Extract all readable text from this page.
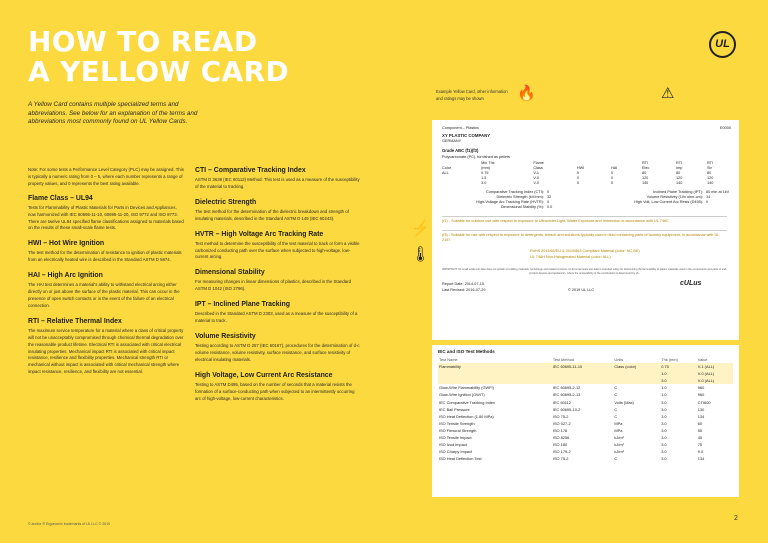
HOW TO READ
A YELLOW CARD
A Yellow Card contains multiple specialized terms and abbreviations. See below for an explanation of the terms and abbreviations most commonly found on UL Yellow Cards.
UL

Note: For some tests a Performance Level Category (PLC) may be assigned. This is typically a numeric rating from 0 – 5, where each number represents a range of property values, and 0 represents the best rating available.

Flame Class – UL94

Tests for Flammability of Plastic Materials for Parts in Devices and Appliances, now harmonized with IEC 60695-11-10, 60695-11-20, ISO 9772 and ISO 9773. There are twelve UL94 specified flame classifications assigned to materials based on the results of these small-scale flame tests.

HWI – Hot Wire Ignition

The test method for the determination of resistance to ignition of plastic materials from an electrically heated wire is described in the Standard ASTM D 5874.

HAI – High Arc Ignition

The HAI test determines a material's ability to withstand electrical arcing either directly on or just above the surface of the plastic material. This can occur in the presence of open switch contacts or in the event of the failure of an electrical connection.

RTI – Relative Thermal Index

The maximum service temperature for a material where a class of critical property will not be unacceptably compromised through chemical thermal degradation over the reasonable product lifetime. Electrical RTI is associated with critical electrical insulating properties. Mechanical impact RTI is associated with critical impact resistance, resilience and flexibility properties. Mechanical strength RTI or mechanical without impact is associated with critical mechanical strength where impact resistance, resilience, and flexibility are not essential.

CTI – Comparative Tracking Index

ASTM D 3638 (IEC 60112) Method: This test is used as a measure of the susceptibility of the material to tracking.

Dielectric Strength

The test method for the determination of the dielectric breakdown and strength of insulating materials, described in the Standard ASTM D 149 (IEC 60243).

HVTR – High Voltage Arc Tracking Rate

Test method to determine the susceptibility of the test material to track or form a visible carbonized conducting path over the surface when subjected to high-voltage, low-current arcing.

Dimensional Stability

For measuring changes in linear dimensions of plastics, described in the Standard ASTM D 1042 (ISO 2796).

IPT – Inclined Plane Tracking

Described in the Standard ASTM D 2303, used as a measure of the susceptibility of a material to track.

Volume Resistivity

Testing according to ASTM D 257 (IEC 60167), procedures for the determination of d-c volume resistance, volume resistivity, surface resistance, and surface resistivity of electrical insulating materials.

High Voltage, Low Current Arc Resistance

Testing to ASTM D495, based on the number of seconds that a material resists the formation of a surface-conducting path when subjected to an intermittently occurring arc of high-voltage, low-current characteristics.

Example Yellow Card, other information and ratings may be shown	🔥	⚠
⚡
🌡
Component – Plastics	E0000
XY PLASTIC COMPANY
GERMANY
Grade ABC (f1)(f3)
Polycarbonate (PC), furnished as pellets
	Min Thk	Flame			RTI	RTI	RTI
Color	(mm)	Class	HWI	HAI	Elec	Imp	Str
ALL	0.75	V-1	0	0	80	80	80
	1.5	V-0	0	0	120	120	120
	3.0	V-0	0	0	140	140	140
Comparative Tracking Index (CTI): 0
Dielectric Strength (kV/mm): 32
High-Voltage Arc Tracking Rate (HVTR): 0
Dimensional Stability (%): 0.0
Inclined Plane Tracking (IPT): 60 min at 1kV
Volume Resistivity (10x ohm-cm): 14
High Volt, Low Current Arc Resis (D495): 0
(f1) - Suitable for outdoor use with respect to exposure to Ultraviolet Light, Water Exposure and Immersion in accordance with UL 746C
(f3) - Suitable for use with respect to exposure to detergents, bleach and solutions typically used in fluid containing parts of laundry equipment, in accordance with UL 2157
RoHS 2011/65/EU & 2015/863 Compliant Material (color: NC,BK)
UL 746H Non-Halogenated Material (color: ALL)
IMPORTANT: UL small scale test data does not pertain to building materials, furnishings and related contents. UL94 small scale test data is intended solely for determining the flammability of plastic materials used in the components and parts of end-product devices and appliances, where the acceptability of the combination is determined by UL.
Report Date: 2014-07-15
Last Revised: 2016-07-29	© 2019 UL LLC
cULus
IEC and ISO Test Methods				
Test Name	Test Method	Units	Thk (mm)	Value
Flammability	IEC 60695-11-10	Class (color)	0.75	V-1 (ALL)
			1.0	V-0 (ALL)
			3.0	V-0 (ALL)
Glow-Wire Flammability (GWFI)	IEC 60695-2-12	C	1.0	960
Glow-Wire Ignition (GWIT)	IEC 60695-2-13	C	1.0	960
IEC Comparative Tracking Index	IEC 60112	Volts (Max)	3.0	CTI600
IEC Ball Pressure	IEC 60695-10-2	C	3.0	130
ISO Heat Deflection (1.80 MPa)	ISO 75-2	C	3.0	134
ISO Tensile Strength	ISO 527-2	MPa	3.0	60
ISO Flexural Strength	ISO 178	MPa	3.0	55
ISO Tensile Impact	ISO 8256	kJ/m²	3.0	45
ISO Izod Impact	ISO 180	kJ/m²	3.0	75
ISO Charpy Impact	ISO 179-2	kJ/m²	3.0	9.0
ISO Heat Deflection Test	ISO 75-2	C	3.0	134
© and/or ® Ergonomic trademarks of UL LLC © 2019
2
